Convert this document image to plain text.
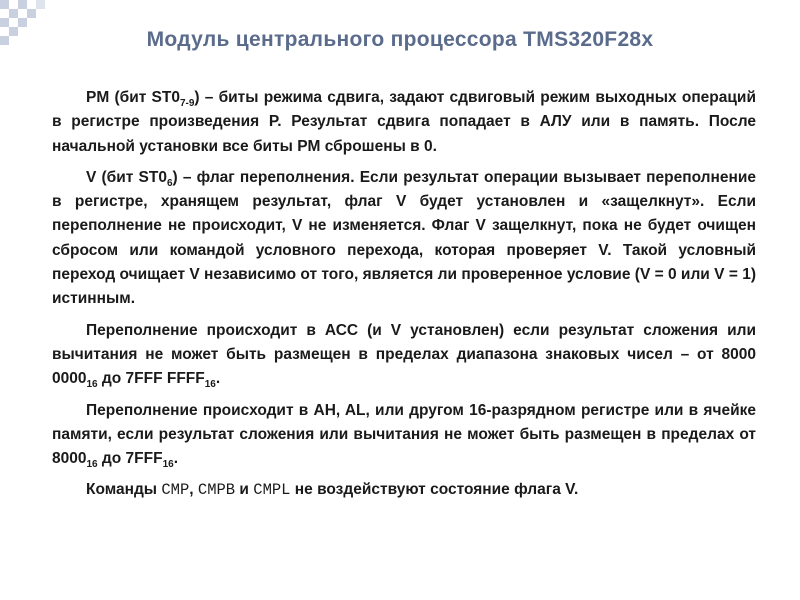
Модуль центрального процессора TMS320F28x

PM (бит $ST0_{7-9}$) – биты режима сдвига, задают сдвиговый режим выходных операций в регистре произведения P. Результат сдвига попадает в АЛУ или в память. После начальной установки все биты PM сброшены в 0.

V (бит $ST0_6$) – флаг переполнения. Если результат операции вызывает переполнение в регистре, хранящем результат, флаг V будет установлен и «защелкнут». Если переполнение не происходит, V не изменяется. Флаг V защелкнут, пока не будет очищен сбросом или командой условного перехода, которая проверяет V. Такой условный переход очищает V независимо от того, является ли проверенное условие (V = 0 или V = 1) истинным.

Переполнение происходит в АСС (и V установлен) если результат сложения или вычитания не может быть размещен в пределах диапазона знаковых чисел – от 8000 $0000_{16}$ до 7FFF $FFFF_{16}$.

Переполнение происходит в AH, AL, или другом 16-разрядном регистре или в ячейке памяти, если результат сложения или вычитания не может быть размещен в пределах от $8000_{16}$ до $7FFF_{16}$.

Команды CMP, CMPB и CMPL не воздействуют состояние флага V.
